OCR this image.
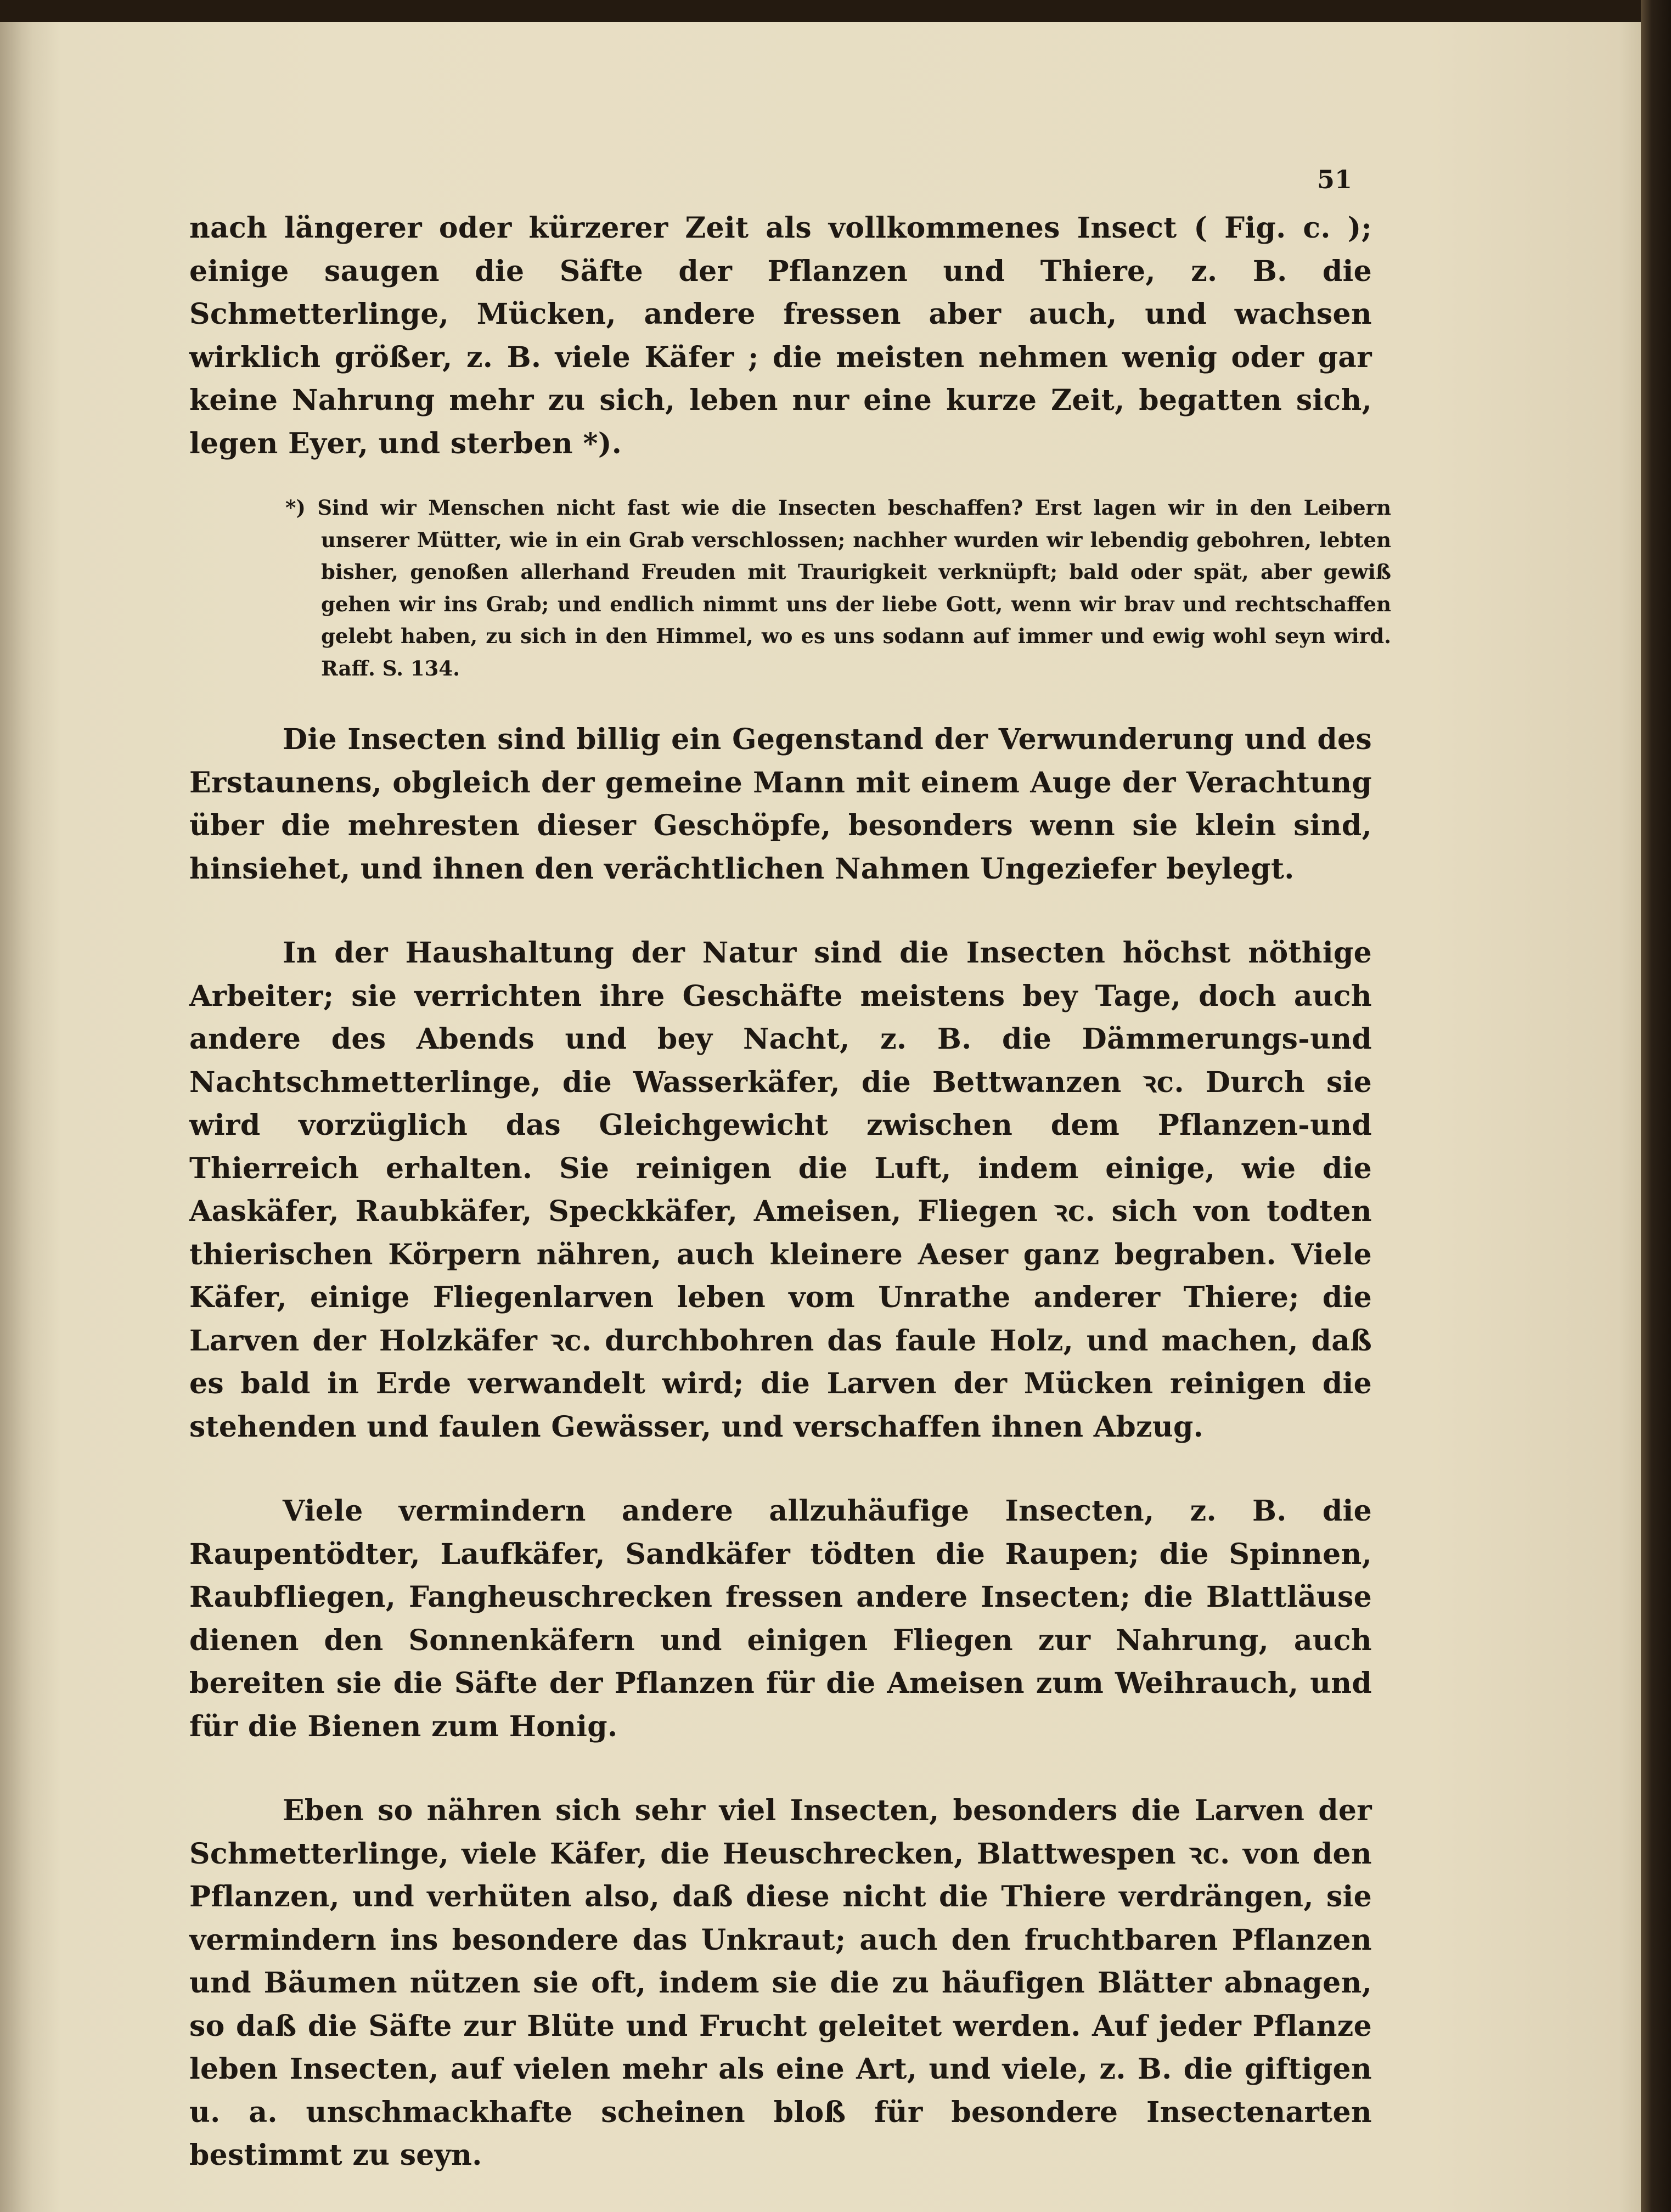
51

nach längerer oder kürzerer Zeit als vollkommenes Insect ( Fig. c. ); einige saugen die Säfte der Pflanzen und Thiere, z. B. die Schmetterlinge, Mücken, andere fressen aber auch, und wachsen wirklich größer, z. B. viele Käfer ; die meisten nehmen wenig oder gar keine Nahrung mehr zu sich, leben nur eine kurze Zeit, begatten sich, legen Eyer, und sterben *).

*) Sind wir Menschen nicht fast wie die Insecten beschaffen? Erst lagen wir in den Leibern unserer Mütter, wie in ein Grab verschlossen; nachher wurden wir lebendig gebohren, lebten bisher, genoßen allerhand Freuden mit Traurigkeit verknüpft; bald oder spät, aber gewiß gehen wir ins Grab; und endlich nimmt uns der liebe Gott, wenn wir brav und rechtschaffen gelebt haben, zu sich in den Himmel, wo es uns sodann auf immer und ewig wohl seyn wird. Raff. S. 134.

Die Insecten sind billig ein Gegenstand der Verwunderung und des Erstaunens, obgleich der gemeine Mann mit einem Auge der Verachtung über die mehresten dieser Geschöpfe, besonders wenn sie klein sind, hinsiehet, und ihnen den verächtlichen Nahmen Ungeziefer beylegt.

In der Haushaltung der Natur sind die Insecten höchst nöthige Arbeiter; sie verrichten ihre Geschäfte meistens bey Tage, doch auch andere des Abends und bey Nacht, z. B. die Dämmerungs-und Nachtschmetterlinge, die Wasserkäfer, die Bettwanzen ꝛc. Durch sie wird vorzüglich das Gleichgewicht zwischen dem Pflanzen-und Thierreich erhalten. Sie reinigen die Luft, indem einige, wie die Aaskäfer, Raubkäfer, Speckkäfer, Ameisen, Fliegen ꝛc. sich von todten thierischen Körpern nähren, auch kleinere Aeser ganz begraben. Viele Käfer, einige Fliegenlarven leben vom Unrathe anderer Thiere; die Larven der Holzkäfer ꝛc. durchbohren das faule Holz, und machen, daß es bald in Erde verwandelt wird; die Larven der Mücken reinigen die stehenden und faulen Gewässer, und verschaffen ihnen Abzug.

Viele vermindern andere allzuhäufige Insecten, z. B. die Raupentödter, Laufkäfer, Sandkäfer tödten die Raupen; die Spinnen, Raubfliegen, Fangheuschrecken fressen andere Insecten; die Blattläuse dienen den Sonnenkäfern und einigen Fliegen zur Nahrung, auch bereiten sie die Säfte der Pflanzen für die Ameisen zum Weihrauch, und für die Bienen zum Honig.

Eben so nähren sich sehr viel Insecten, besonders die Larven der Schmetterlinge, viele Käfer, die Heuschrecken, Blattwespen ꝛc. von den Pflanzen, und verhüten also, daß diese nicht die Thiere verdrängen, sie vermindern ins besondere das Unkraut; auch den fruchtbaren Pflanzen und Bäumen nützen sie oft, indem sie die zu häufigen Blätter abnagen, so daß die Säfte zur Blüte und Frucht geleitet werden. Auf jeder Pflanze leben Insecten, auf vielen mehr als eine Art, und viele, z. B. die giftigen u. a. unschmackhafte scheinen bloß für besondere Insectenarten bestimmt zu seyn.
